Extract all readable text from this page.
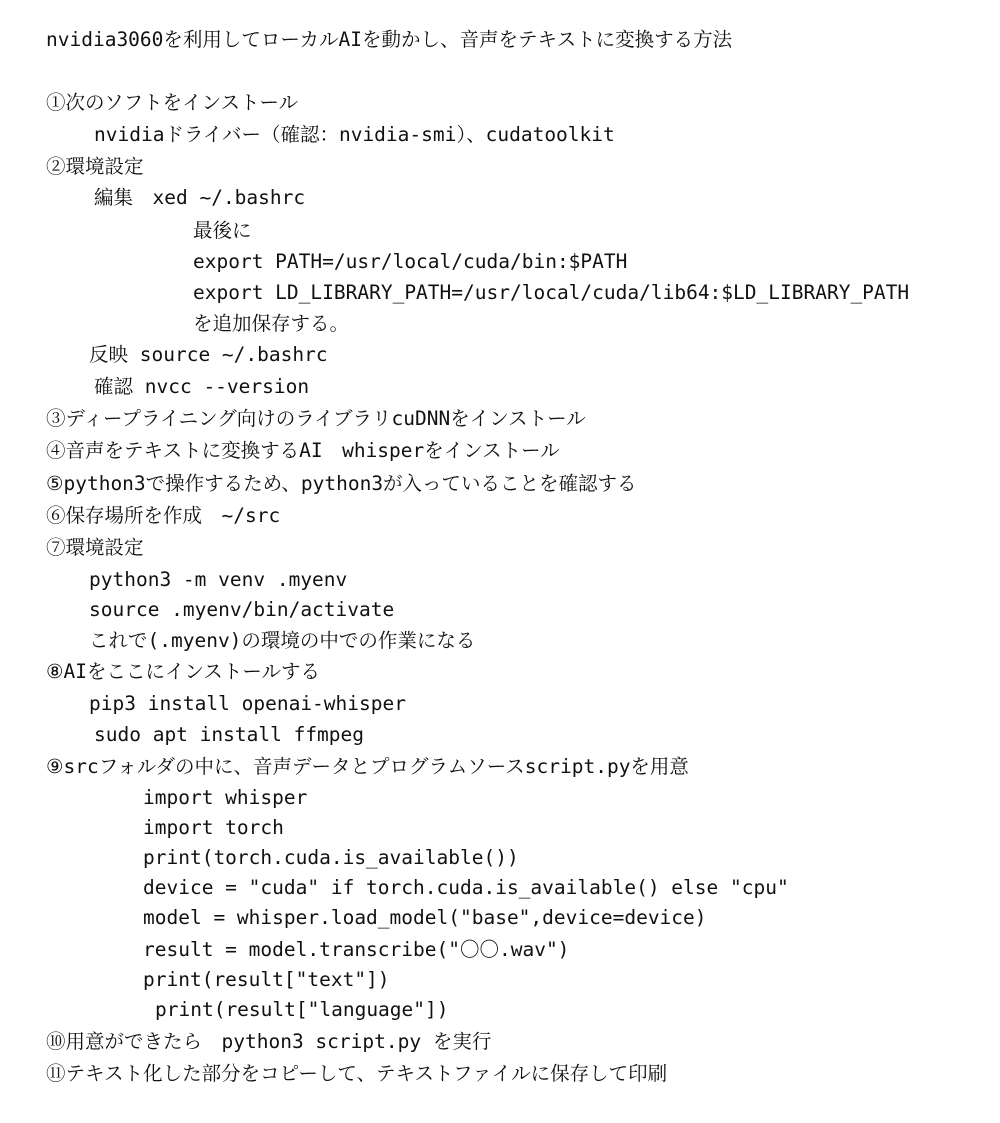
nvidia3060を利用してローカルAIを動かし、音声をテキストに変換する方法
①次のソフトをインストール
nvidiaドライバー（確認：nvidia-smi）、cudatoolkit
②環境設定
編集　xed ~/.bashrc
最後に
export PATH=/usr/local/cuda/bin:$PATH
export LD_LIBRARY_PATH=/usr/local/cuda/lib64:$LD_LIBRARY_PATH
を追加保存する。
反映 source ~/.bashrc
確認 nvcc --version
③ディープライニング向けのライブラリcuDNNをインストール
④音声をテキストに変換するAI　whisperをインストール
⑤python3で操作するため、python3が入っていることを確認する
⑥保存場所を作成　~/src
⑦環境設定
python3 -m venv .myenv
source .myenv/bin/activate
これで(.myenv)の環境の中での作業になる
⑧AIをここにインストールする
pip3 install openai-whisper
sudo apt install ffmpeg
⑨srcフォルダの中に、音声データとプログラムソースscript.pyを用意
import whisper
import torch
print(torch.cuda.is_available())
device = "cuda" if torch.cuda.is_available() else "cpu"
model = whisper.load_model("base",device=device)
result = model.transcribe("〇〇.wav")
print(result["text"])
print(result["language"])
⑩用意ができたら　python3 script.py を実行
⑪テキスト化した部分をコピーして、テキストファイルに保存して印刷
